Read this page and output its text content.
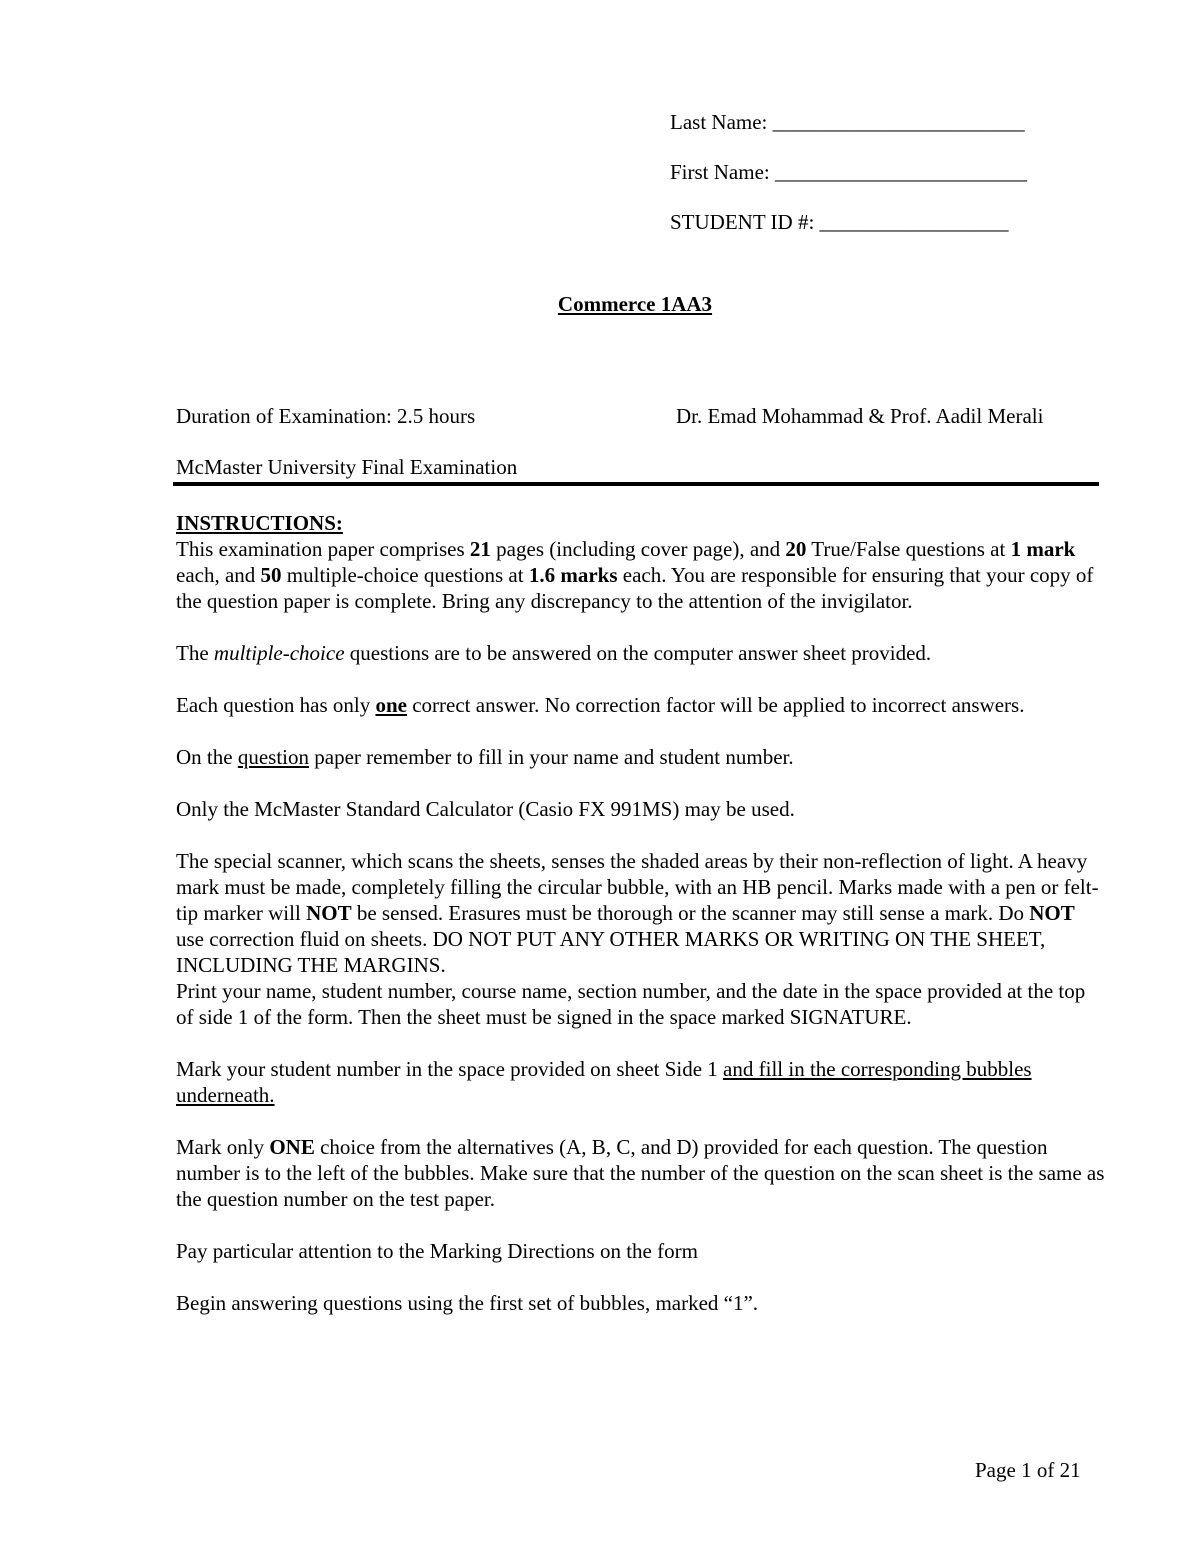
Last Name: ________________________
First Name: ________________________
STUDENT ID #: __________________
Commerce 1AA3
Duration of Examination: 2.5 hours	Dr. Emad Mohammad & Prof. Aadil Merali
McMaster University Final Examination

INSTRUCTIONS:

This examination paper comprises 21 pages (including cover page), and 20 True/False questions at 1 mark each, and 50 multiple-choice questions at 1.6 marks each. You are responsible for ensuring that your copy of the question paper is complete. Bring any discrepancy to the attention of the invigilator.

The multiple-choice questions are to be answered on the computer answer sheet provided.

Each question has only one correct answer. No correction factor will be applied to incorrect answers.

On the question paper remember to fill in your name and student number.

Only the McMaster Standard Calculator (Casio FX 991MS) may be used.

The special scanner, which scans the sheets, senses the shaded areas by their non-reflection of light. A heavy mark must be made, completely filling the circular bubble, with an HB pencil. Marks made with a pen or felt-tip marker will NOT be sensed. Erasures must be thorough or the scanner may still sense a mark. Do NOT use correction fluid on sheets. DO NOT PUT ANY OTHER MARKS OR WRITING ON THE SHEET, INCLUDING THE MARGINS.

Print your name, student number, course name, section number, and the date in the space provided at the top of side 1 of the form. Then the sheet must be signed in the space marked SIGNATURE.

Mark your student number in the space provided on sheet Side 1 and fill in the corresponding bubbles underneath.

Mark only ONE choice from the alternatives (A, B, C, and D) provided for each question. The question number is to the left of the bubbles. Make sure that the number of the question on the scan sheet is the same as the question number on the test paper.

Pay particular attention to the Marking Directions on the form

Begin answering questions using the first set of bubbles, marked “1”.

Page 1 of 21
